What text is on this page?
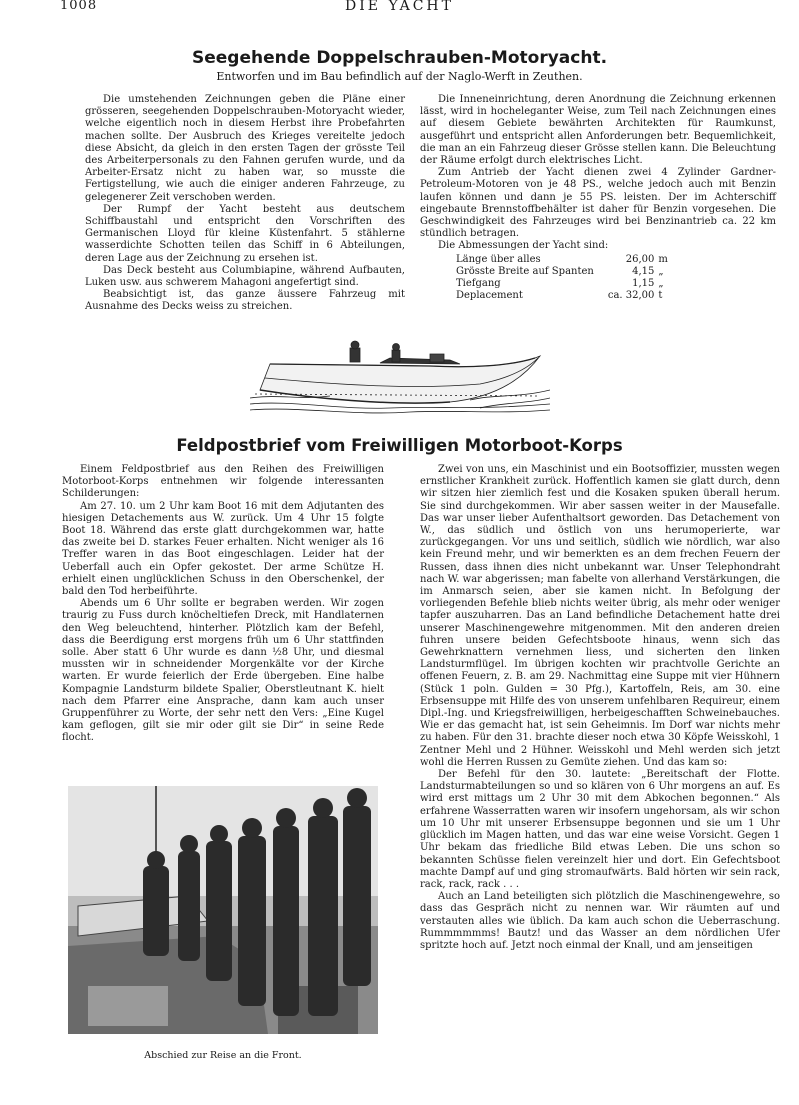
1008	DIE YACHT
Seegehende Doppelschrauben-Motoryacht.
Entworfen und im Bau befindlich auf der Naglo-Werft in Zeuthen.

Die umstehenden Zeichnungen geben die Pläne einer grösseren, seegehenden Doppelschrauben-Motoryacht wieder, welche eigentlich noch in diesem Herbst ihre Probefahrten machen sollte. Der Ausbruch des Krieges vereitelte jedoch diese Absicht, da gleich in den ersten Tagen der grösste Teil des Arbeiterpersonals zu den Fahnen gerufen wurde, und da Arbeiter-Ersatz nicht zu haben war, so musste die Fertigstellung, wie auch die einiger anderen Fahrzeuge, zu gelegenerer Zeit verschoben werden.

Der Rumpf der Yacht besteht aus deutschem Schiffbaustahl und entspricht den Vorschriften des Germanischen Lloyd für kleine Küstenfahrt. 5 stählerne wasserdichte Schotten teilen das Schiff in 6 Abteilungen, deren Lage aus der Zeichnung zu ersehen ist.

Das Deck besteht aus Columbiapine, während Aufbauten, Luken usw. aus schwerem Mahagoni angefertigt sind.

Beabsichtigt ist, das ganze äussere Fahrzeug mit Ausnahme des Decks weiss zu streichen.

Die Inneneinrichtung, deren Anordnung die Zeichnung erkennen lässt, wird in hocheleganter Weise, zum Teil nach Zeichnungen eines auf diesem Gebiete bewährten Architekten für Raumkunst, ausgeführt und entspricht allen Anforderungen betr. Bequemlichkeit, die man an ein Fahrzeug dieser Grösse stellen kann. Die Beleuchtung der Räume erfolgt durch elektrisches Licht.

Zum Antrieb der Yacht dienen zwei 4 Zylinder Gardner-Petroleum-Motoren von je 48 PS., welche jedoch auch mit Benzin laufen können und dann je 55 PS. leisten. Der im Achterschiff eingebaute Brennstoffbehälter ist daher für Benzin vorgesehen. Die Geschwindigkeit des Fahrzeuges wird bei Benzinantrieb ca. 22 km stündlich betragen.

Die Abmessungen der Yacht sind:

Länge über alles	26,00	m
Grösste Breite auf Spanten	4,15	„
Tiefgang	1,15	„
Deplacement	ca. 32,00	t
Feldpostbrief vom Freiwilligen Motorboot-Korps

Einem Feldpostbrief aus den Reihen des Freiwilligen Motorboot-Korps entnehmen wir folgende interessanten Schilderungen:

Am 27. 10. um 2 Uhr kam Boot 16 mit dem Adjutanten des hiesigen Detachements aus W. zurück. Um 4 Uhr 15 folgte Boot 18. Während das erste glatt durchgekommen war, hatte das zweite bei D. starkes Feuer erhalten. Nicht weniger als 16 Treffer waren in das Boot eingeschlagen. Leider hat der Ueberfall auch ein Opfer gekostet. Der arme Schütze H. erhielt einen unglücklichen Schuss in den Oberschenkel, der bald den Tod herbeiführte.

Abends um 6 Uhr sollte er begraben werden. Wir zogen traurig zu Fuss durch knöcheltiefen Dreck, mit Handlaternen den Weg beleuchtend, hinterher. Plötzlich kam der Befehl, dass die Beerdigung erst morgens früh um 6 Uhr stattfinden solle. Aber statt 6 Uhr wurde es dann ½8 Uhr, und diesmal mussten wir in schneidender Morgenkälte vor der Kirche warten. Er wurde feierlich der Erde übergeben. Eine halbe Kompagnie Landsturm bildete Spalier, Oberstleutnant K. hielt nach dem Pfarrer eine Ansprache, dann kam auch unser Gruppenführer zu Worte, der sehr nett den Vers: „Eine Kugel kam geflogen, gilt sie mir oder gilt sie Dir“ in seine Rede flocht.

Abschied zur Reise an die Front.

Zwei von uns, ein Maschinist und ein Bootsoffizier, mussten wegen ernstlicher Krankheit zurück. Hoffentlich kamen sie glatt durch, denn wir sitzen hier ziemlich fest und die Kosaken spuken überall herum. Sie sind durchgekommen. Wir aber sassen weiter in der Mausefalle. Das war unser lieber Aufenthaltsort geworden. Das Detachement von W., das südlich und östlich von uns herumoperierte, war zurückgegangen. Vor uns und seitlich, südlich wie nördlich, war also kein Freund mehr, und wir bemerkten es an dem frechen Feuern der Russen, dass ihnen dies nicht unbekannt war. Unser Telephondraht nach W. war abgerissen; man fabelte von allerhand Verstärkungen, die im Anmarsch seien, aber sie kamen nicht. In Befolgung der vorliegenden Befehle blieb nichts weiter übrig, als mehr oder weniger tapfer auszuharren. Das an Land befindliche Detachement hatte drei unserer Maschinengewehre mitgenommen. Mit den anderen dreien fuhren unsere beiden Gefechtsboote hinaus, wenn sich das Gewehrknattern vernehmen liess, und sicherten den linken Landsturmflügel. Im übrigen kochten wir prachtvolle Gerichte an offenen Feuern, z. B. am 29. Nachmittag eine Suppe mit vier Hühnern (Stück 1 poln. Gulden = 30 Pfg.), Kartoffeln, Reis, am 30. eine Erbsensuppe mit Hilfe des von unserem unfehlbaren Requireur, einem Dipl.-Ing. und Kriegsfreiwilligen, herbeigeschafften Schweinebauches. Wie er das gemacht hat, ist sein Geheimnis. Im Dorf war nichts mehr zu haben. Für den 31. brachte dieser noch etwa 30 Köpfe Weisskohl, 1 Zentner Mehl und 2 Hühner. Weisskohl und Mehl werden sich jetzt wohl die Herren Russen zu Gemüte ziehen. Und das kam so:

Der Befehl für den 30. lautete: „Bereitschaft der Flotte. Landsturmabteilungen so und so klären von 6 Uhr morgens an auf. Es wird erst mittags um 2 Uhr 30 mit dem Abkochen begonnen.“ Als erfahrene Wasserratten waren wir insofern ungehorsam, als wir schon um 10 Uhr mit unserer Erbsensuppe begonnen und sie um 1 Uhr glücklich im Magen hatten, und das war eine weise Vorsicht. Gegen 1 Uhr bekam das friedliche Bild etwas Leben. Die uns schon so bekannten Schüsse fielen vereinzelt hier und dort. Ein Gefechtsboot machte Dampf auf und ging stromaufwärts. Bald hörten wir sein rack, rack, rack, rack . . .

Auch an Land beteiligten sich plötzlich die Maschinengewehre, so dass das Gespräch nicht zu nennen war. Wir räumten auf und verstauten alles wie üblich. Da kam auch schon die Ueberraschung. Rummmmmms! Bautz! und das Wasser an dem nördlichen Ufer spritzte hoch auf. Jetzt noch einmal der Knall, und am jenseitigen
